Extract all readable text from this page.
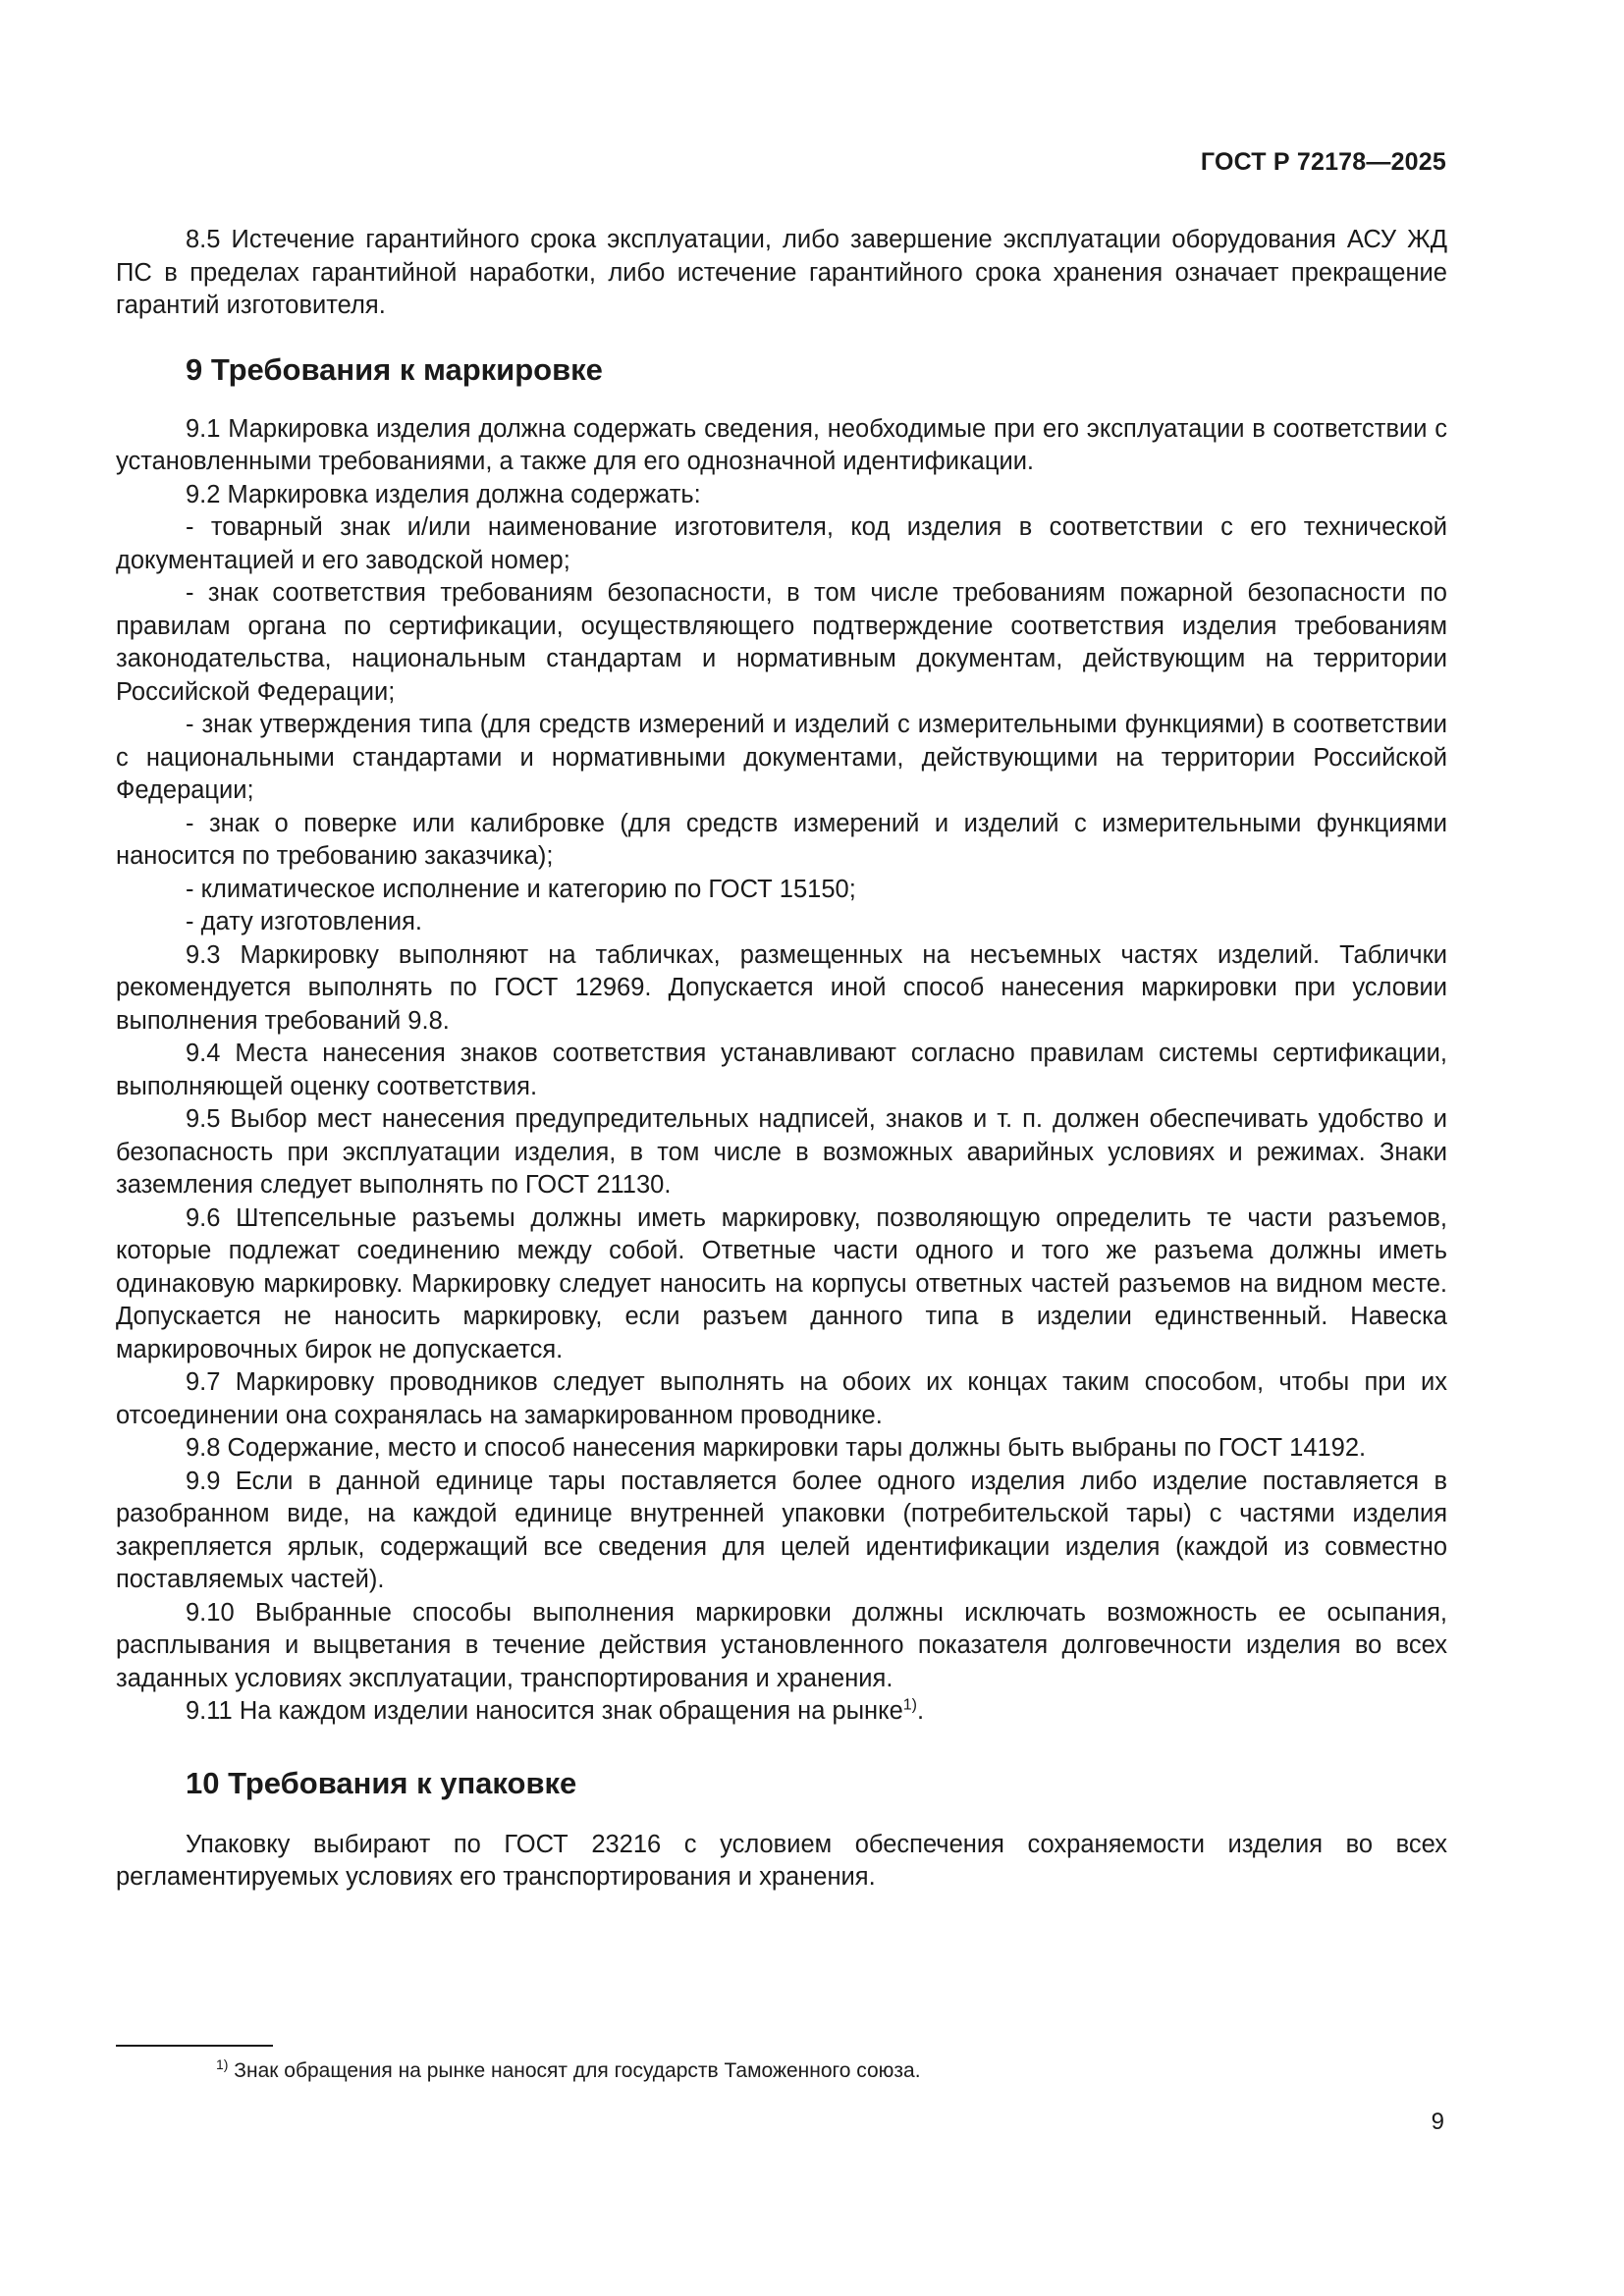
ГОСТ Р 72178—2025

8.5 Истечение гарантийного срока эксплуатации, либо завершение эксплуатации оборудования АСУ ЖД ПС в пределах гарантийной наработки, либо истечение гарантийного срока хранения означает прекращение гарантий изготовителя.

9 Требования к маркировке

9.1 Маркировка изделия должна содержать сведения, необходимые при его эксплуатации в соответствии с установленными требованиями, а также для его однозначной идентификации.

9.2 Маркировка изделия должна содержать:

- товарный знак и/или наименование изготовителя, код изделия в соответствии с его технической документацией и его заводской номер;

- знак соответствия требованиям безопасности, в том числе требованиям пожарной безопасности по правилам органа по сертификации, осуществляющего подтверждение соответствия изделия требованиям законодательства, национальным стандартам и нормативным документам, действующим на территории Российской Федерации;

- знак утверждения типа (для средств измерений и изделий с измерительными функциями) в соответствии с национальными стандартами и нормативными документами, действующими на территории Российской Федерации;

- знак о поверке или калибровке (для средств измерений и изделий с измерительными функциями наносится по требованию заказчика);

- климатическое исполнение и категорию по ГОСТ 15150;

- дату изготовления.

9.3 Маркировку выполняют на табличках, размещенных на несъемных частях изделий. Таблички рекомендуется выполнять по ГОСТ 12969. Допускается иной способ нанесения маркировки при условии выполнения требований 9.8.

9.4 Места нанесения знаков соответствия устанавливают согласно правилам системы сертификации, выполняющей оценку соответствия.

9.5 Выбор мест нанесения предупредительных надписей, знаков и т. п. должен обеспечивать удобство и безопасность при эксплуатации изделия, в том числе в возможных аварийных условиях и режимах. Знаки заземления следует выполнять по ГОСТ 21130.

9.6 Штепсельные разъемы должны иметь маркировку, позволяющую определить те части разъемов, которые подлежат соединению между собой. Ответные части одного и того же разъема должны иметь одинаковую маркировку. Маркировку следует наносить на корпусы ответных частей разъемов на видном месте. Допускается не наносить маркировку, если разъем данного типа в изделии единственный. Навеска маркировочных бирок не допускается.

9.7 Маркировку проводников следует выполнять на обоих их концах таким способом, чтобы при их отсоединении она сохранялась на замаркированном проводнике.

9.8 Содержание, место и способ нанесения маркировки тары должны быть выбраны по ГОСТ 14192.

9.9 Если в данной единице тары поставляется более одного изделия либо изделие поставляется в разобранном виде, на каждой единице внутренней упаковки (потребительской тары) с частями изделия закрепляется ярлык, содержащий все сведения для целей идентификации изделия (каждой из совместно поставляемых частей).

9.10 Выбранные способы выполнения маркировки должны исключать возможность ее осыпания, расплывания и выцветания в течение действия установленного показателя долговечности изделия во всех заданных условиях эксплуатации, транспортирования и хранения.

9.11 На каждом изделии наносится знак обращения на рынке$^{1)}$.

10 Требования к упаковке

Упаковку выбирают по ГОСТ 23216 с условием обеспечения сохраняемости изделия во всех регламентируемых условиях его транспортирования и хранения.

$^{1)}$ Знак обращения на рынке наносят для государств Таможенного союза.

9
